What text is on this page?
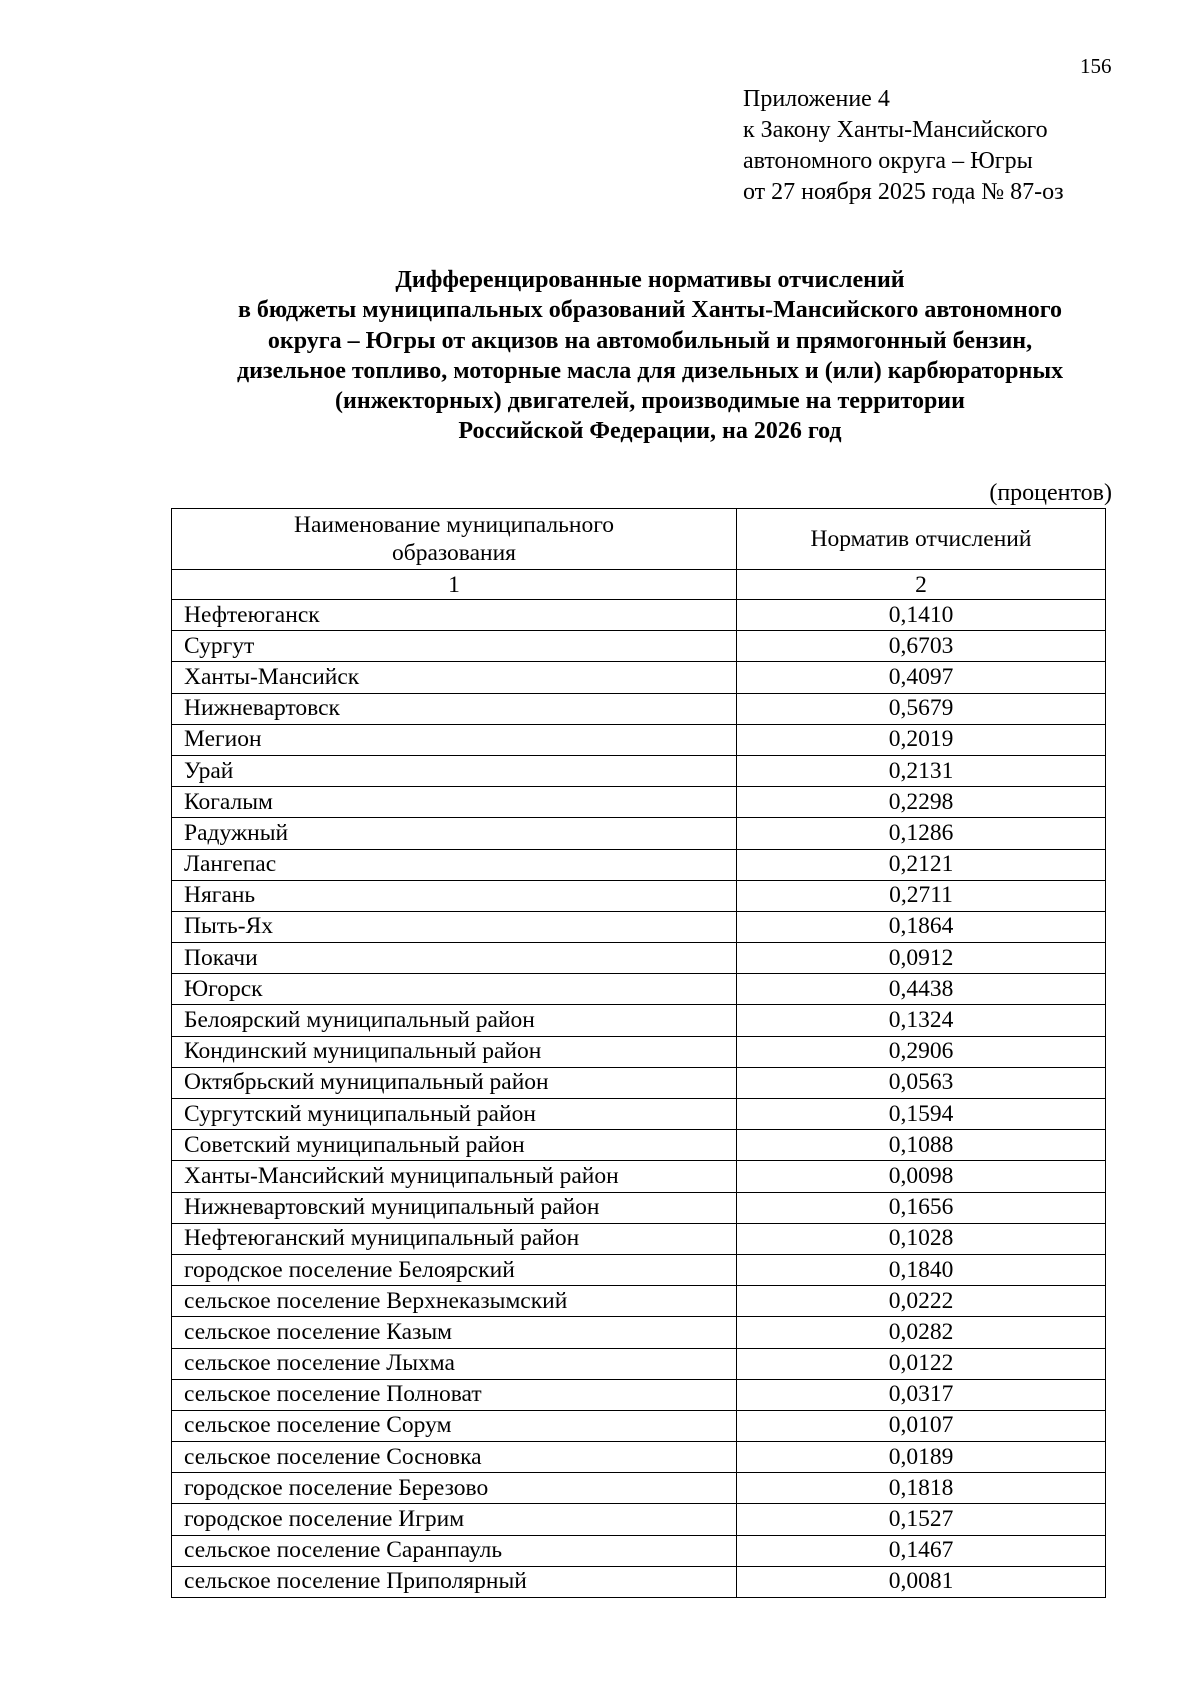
156
Приложение 4
к Закону Ханты-Мансийского
автономного округа – Югры
от 27 ноября 2025 года № 87-оз
Дифференцированные нормативы отчислений
в бюджеты муниципальных образований Ханты-Мансийского автономного
округа – Югры от акцизов на автомобильный и прямогонный бензин,
дизельное топливо, моторные масла для дизельных и (или) карбюраторных
(инжекторных) двигателей, производимые на территории
Российской Федерации, на 2026 год
(процентов)
Наименование муниципального
образования	Норматив отчислений
1	2
Нефтеюганск	0,1410
Сургут	0,6703
Ханты-Мансийск	0,4097
Нижневартовск	0,5679
Мегион	0,2019
Урай	0,2131
Когалым	0,2298
Радужный	0,1286
Лангепас	0,2121
Нягань	0,2711
Пыть-Ях	0,1864
Покачи	0,0912
Югорск	0,4438
Белоярский муниципальный район	0,1324
Кондинский муниципальный район	0,2906
Октябрьский муниципальный район	0,0563
Сургутский муниципальный район	0,1594
Советский муниципальный район	0,1088
Ханты-Мансийский муниципальный район	0,0098
Нижневартовский муниципальный район	0,1656
Нефтеюганский муниципальный район	0,1028
городское поселение Белоярский	0,1840
сельское поселение Верхнеказымский	0,0222
сельское поселение Казым	0,0282
сельское поселение Лыхма	0,0122
сельское поселение Полноват	0,0317
сельское поселение Сорум	0,0107
сельское поселение Сосновка	0,0189
городское поселение Березово	0,1818
городское поселение Игрим	0,1527
сельское поселение Саранпауль	0,1467
сельское поселение Приполярный	0,0081
